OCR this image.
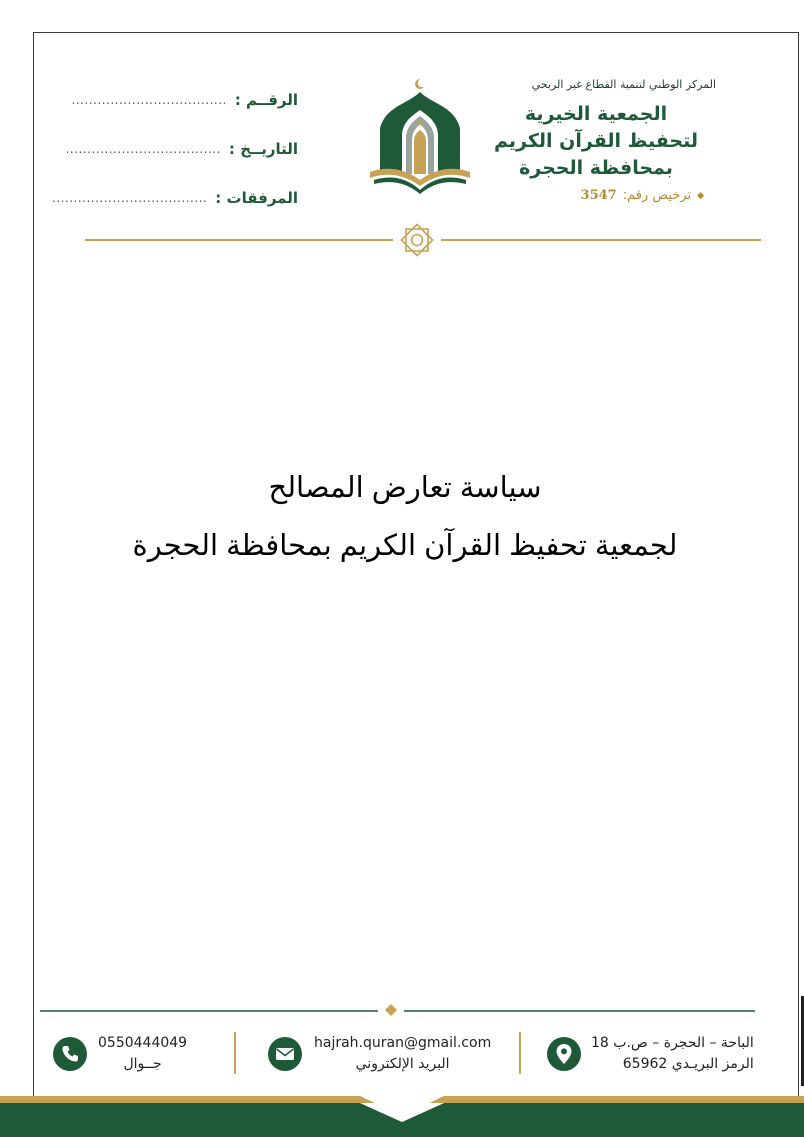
الرقــم :
....................................
التاريــخ :
....................................
المرفقات :
....................................
المركز الوطني لتنمية القطاع غير الربحي
الجمعية الخيرية
لتحفيظ القرآن الكريم
بمحافظة الحجرة
◆
ترخيص رقم:
3547
سياسة تعارض المصالح
لجمعية تحفيظ القرآن الكريم بمحافظة الحجرة
0550444049
جــوال
hajrah.quran@gmail.com
البريد الإلكتروني
الباحة – الحجرة – ص.ب 18
الرمز البريـدي 65962
